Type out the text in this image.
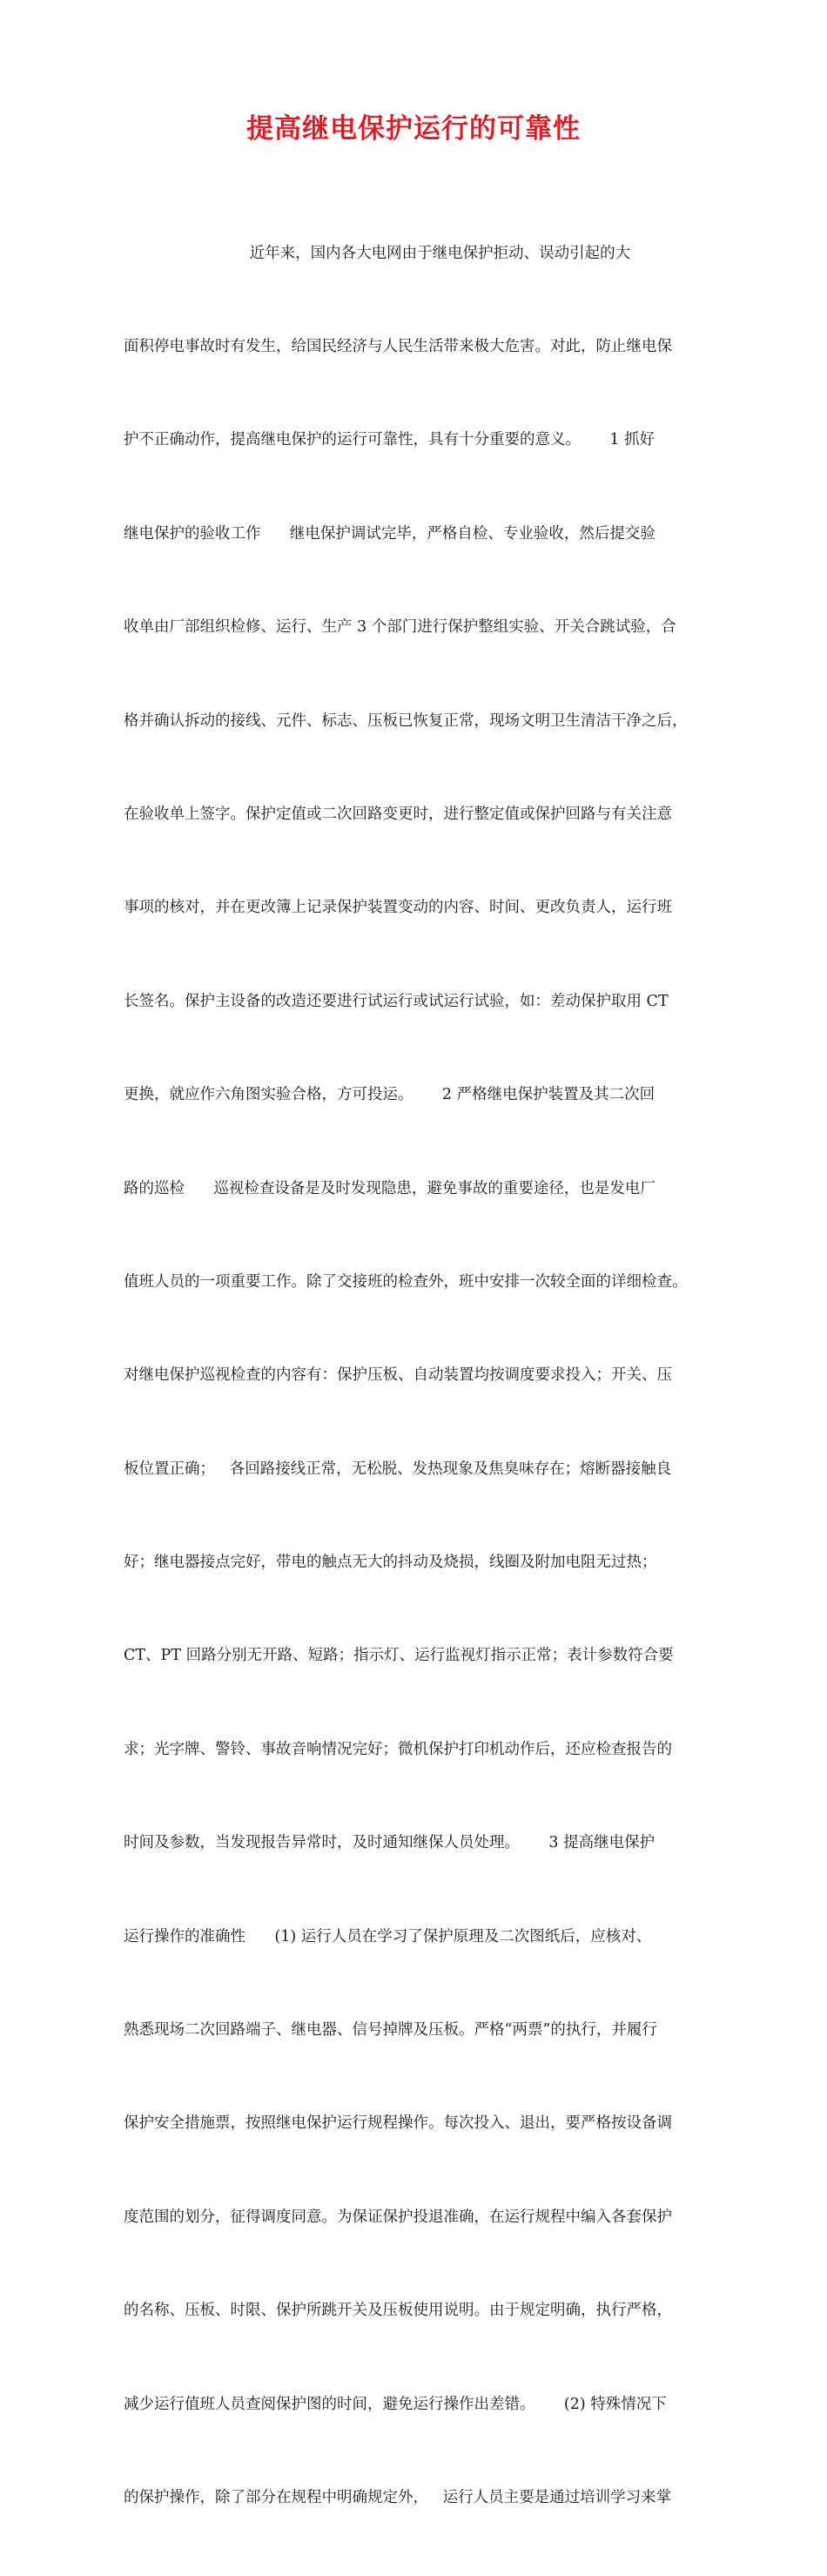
提高继电保护运行的可靠性

近年来，国内各大电网由于继电保护拒动、误动引起的大

面积停电事故时有发生，给国民经济与人民生活带来极大危害。对此，防止继电保

护不正确动作，提高继电保护的运行可靠性，具有十分重要的意义。      1 抓好

继电保护的验收工作      继电保护调试完毕，严格自检、专业验收，然后提交验

收单由厂部组织检修、运行、生产 3 个部门进行保护整组实验、开关合跳试验，合

格并确认拆动的接线、元件、标志、压板已恢复正常，现场文明卫生清洁干净之后，

在验收单上签字。保护定值或二次回路变更时，进行整定值或保护回路与有关注意

事项的核对，并在更改簿上记录保护装置变动的内容、时间、更改负责人，运行班

长签名。保护主设备的改造还要进行试运行或试运行试验，如：差动保护取用 CT

更换，就应作六角图实验合格，方可投运。      2 严格继电保护装置及其二次回

路的巡检      巡视检查设备是及时发现隐患，避免事故的重要途径，也是发电厂

值班人员的一项重要工作。除了交接班的检查外，班中安排一次较全面的详细检查。

对继电保护巡视检查的内容有：保护压板、自动装置均按调度要求投入；开关、压

板位置正确；   各回路接线正常，无松脱、发热现象及焦臭味存在；熔断器接触良

好；继电器接点完好，带电的触点无大的抖动及烧损，线圈及附加电阻无过热；

CT、PT 回路分别无开路、短路；指示灯、运行监视灯指示正常；表计参数符合要

求；光字牌、警铃、事故音响情况完好；微机保护打印机动作后，还应检查报告的

时间及参数，当发现报告异常时，及时通知继保人员处理。      3 提高继电保护

运行操作的准确性      (1) 运行人员在学习了保护原理及二次图纸后，应核对、

熟悉现场二次回路端子、继电器、信号掉牌及压板。严格“两票”的执行，并履行

保护安全措施票，按照继电保护运行规程操作。每次投入、退出，要严格按设备调

度范围的划分，征得调度同意。为保证保护投退准确，在运行规程中编入各套保护

的名称、压板、时限、保护所跳开关及压板使用说明。由于规定明确，执行严格，

减少运行值班人员查阅保护图的时间，避免运行操作出差错。      (2) 特殊情况下

的保护操作，除了部分在规程中明确规定外，   运行人员主要是通过培训学习来掌
